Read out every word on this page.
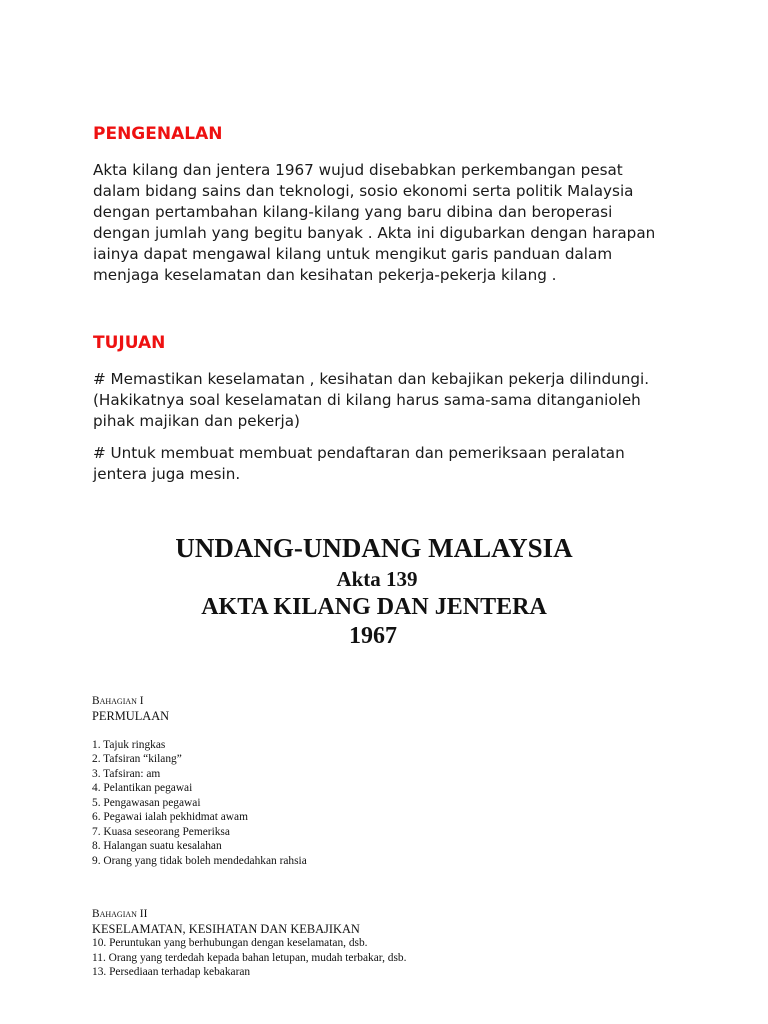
PENGENALAN
Akta kilang dan jentera 1967 wujud disebabkan perkembangan pesat
dalam bidang sains dan teknologi, sosio ekonomi serta politik Malaysia
dengan pertambahan kilang-kilang yang baru dibina dan beroperasi
dengan jumlah yang begitu banyak . Akta ini digubarkan dengan harapan
iainya dapat mengawal kilang untuk mengikut garis panduan dalam
menjaga keselamatan dan kesihatan pekerja-pekerja kilang .
TUJUAN
# Memastikan keselamatan , kesihatan dan kebajikan pekerja dilindungi.
(Hakikatnya soal keselamatan di kilang harus sama-sama ditanganioleh
pihak majikan dan pekerja)
# Untuk membuat membuat pendaftaran dan pemeriksaan peralatan
jentera juga mesin.
UNDANG-UNDANG MALAYSIA
Akta 139
AKTA KILANG DAN JENTERA
1967
Bahagian I
PERMULAAN

1. Tajuk ringkas
2. Tafsiran “kilang”
3. Tafsiran: am
4. Pelantikan pegawai
5. Pengawasan pegawai
6. Pegawai ialah pekhidmat awam
7. Kuasa seseorang Pemeriksa
8. Halangan suatu kesalahan
9. Orang yang tidak boleh mendedahkan rahsia
Bahagian II
KESELAMATAN, KESIHATAN DAN KEBAJIKAN
10. Peruntukan yang berhubungan dengan keselamatan, dsb.
11. Orang yang terdedah kepada bahan letupan, mudah terbakar, dsb.
13. Persediaan terhadap kebakaran
